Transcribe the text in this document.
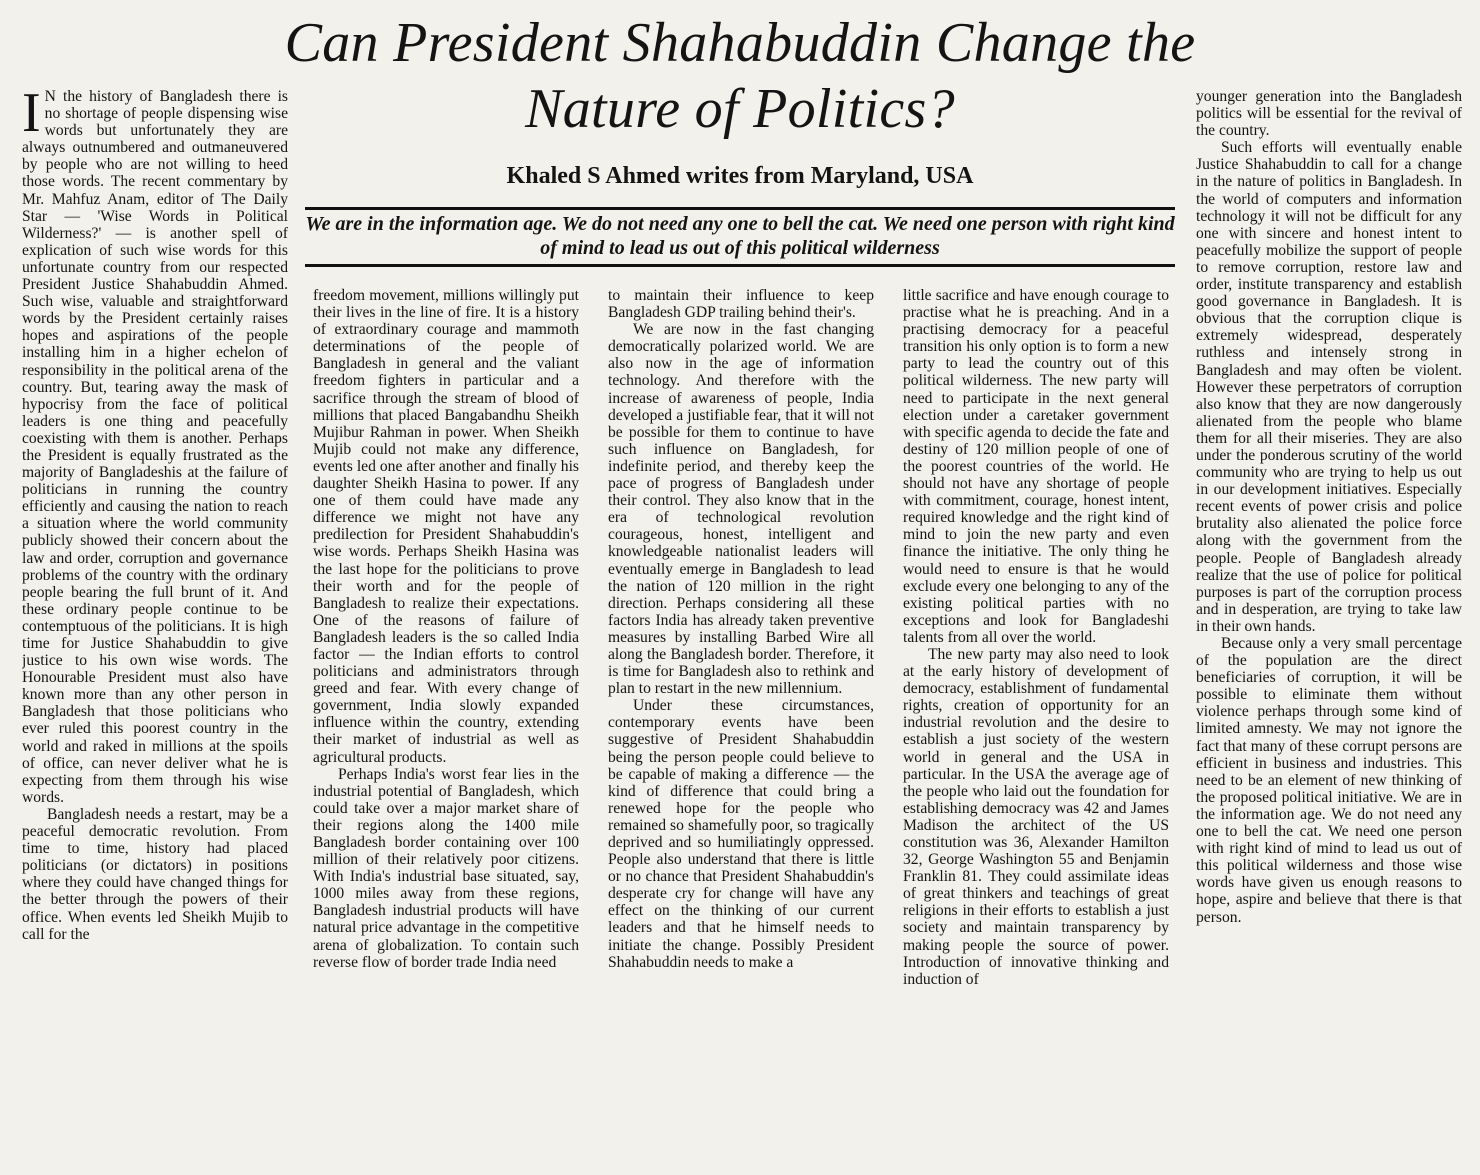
Can President Shahabuddin Change the Nature of Politics?
Khaled S Ahmed writes from Maryland, USA
We are in the information age. We do not need any one to bell the cat. We need one person with right kind of mind to lead us out of this political wilderness

I N the history of Bangladesh there is no shortage of people dispensing wise words but unfortunately they are always outnumbered and outmaneuvered by people who are not willing to heed those words. The recent commentary by Mr. Mahfuz Anam, editor of The Daily Star — 'Wise Words in Political Wilderness?' — is another spell of explication of such wise words for this unfortunate country from our respected President Justice Shahabuddin Ahmed. Such wise, valuable and straightforward words by the President certainly raises hopes and aspirations of the people installing him in a higher echelon of responsibility in the political arena of the country. But, tearing away the mask of hypocrisy from the face of political leaders is one thing and peacefully coexisting with them is another. Perhaps the President is equally frustrated as the majority of Bangladeshis at the failure of politicians in running the country efficiently and causing the nation to reach a situation where the world community publicly showed their concern about the law and order, corruption and governance problems of the country with the ordinary people bearing the full brunt of it. And these ordinary people continue to be contemptuous of the politicians. It is high time for Justice Shahabuddin to give justice to his own wise words. The Honourable President must also have known more than any other person in Bangladesh that those politicians who ever ruled this poorest country in the world and raked in millions at the spoils of office, can never deliver what he is expecting from them through his wise words.

Bangladesh needs a restart, may be a peaceful democratic revolution. From time to time, history had placed politicians (or dictators) in positions where they could have changed things for the better through the powers of their office. When events led Sheikh Mujib to call for the

freedom movement, millions willingly put their lives in the line of fire. It is a history of extraordinary courage and mammoth determinations of the people of Bangladesh in general and the valiant freedom fighters in particular and a sacrifice through the stream of blood of millions that placed Bangabandhu Sheikh Mujibur Rahman in power. When Sheikh Mujib could not make any difference, events led one after another and finally his daughter Sheikh Hasina to power. If any one of them could have made any difference we might not have any predilection for President Shahabuddin's wise words. Perhaps Sheikh Hasina was the last hope for the politicians to prove their worth and for the people of Bangladesh to realize their expectations. One of the reasons of failure of Bangladesh leaders is the so called India factor — the Indian efforts to control politicians and administrators through greed and fear. With every change of government, India slowly expanded influence within the country, extending their market of industrial as well as agricultural products.

Perhaps India's worst fear lies in the industrial potential of Bangladesh, which could take over a major market share of their regions along the 1400 mile Bangladesh border containing over 100 million of their relatively poor citizens. With India's industrial base situated, say, 1000 miles away from these regions, Bangladesh industrial products will have natural price advantage in the competitive arena of globalization. To contain such reverse flow of border trade India need

to maintain their influence to keep Bangladesh GDP trailing behind their's.

We are now in the fast changing democratically polarized world. We are also now in the age of information technology. And therefore with the increase of awareness of people, India developed a justifiable fear, that it will not be possible for them to continue to have such influence on Bangladesh, for indefinite period, and thereby keep the pace of progress of Bangladesh under their control. They also know that in the era of technological revolution courageous, honest, intelligent and knowledgeable nationalist leaders will eventually emerge in Bangladesh to lead the nation of 120 million in the right direction. Perhaps considering all these factors India has already taken preventive measures by installing Barbed Wire all along the Bangladesh border. Therefore, it is time for Bangladesh also to rethink and plan to restart in the new millennium.

Under these circumstances, contemporary events have been suggestive of President Shahabuddin being the person people could believe to be capable of making a difference — the kind of difference that could bring a renewed hope for the people who remained so shamefully poor, so tragically deprived and so humiliatingly oppressed. People also understand that there is little or no chance that President Shahabuddin's desperate cry for change will have any effect on the thinking of our current leaders and that he himself needs to initiate the change. Possibly President Shahabuddin needs to make a

little sacrifice and have enough courage to practise what he is preaching. And in a practising democracy for a peaceful transition his only option is to form a new party to lead the country out of this political wilderness. The new party will need to participate in the next general election under a caretaker government with specific agenda to decide the fate and destiny of 120 million people of one of the poorest countries of the world. He should not have any shortage of people with commitment, courage, honest intent, required knowledge and the right kind of mind to join the new party and even finance the initiative. The only thing he would need to ensure is that he would exclude every one belonging to any of the existing political parties with no exceptions and look for Bangladeshi talents from all over the world.

The new party may also need to look at the early history of development of democracy, establishment of fundamental rights, creation of opportunity for an industrial revolution and the desire to establish a just society of the western world in general and the USA in particular. In the USA the average age of the people who laid out the foundation for establishing democracy was 42 and James Madison the architect of the US constitution was 36, Alexander Hamilton 32, George Washington 55 and Benjamin Franklin 81. They could assimilate ideas of great thinkers and teachings of great religions in their efforts to establish a just society and maintain transparency by making people the source of power. Introduction of innovative thinking and induction of

younger generation into the Bangladesh politics will be essential for the revival of the country.

Such efforts will eventually enable Justice Shahabuddin to call for a change in the nature of politics in Bangladesh. In the world of computers and information technology it will not be difficult for any one with sincere and honest intent to peacefully mobilize the support of people to remove corruption, restore law and order, institute transparency and establish good governance in Bangladesh. It is obvious that the corruption clique is extremely widespread, desperately ruthless and intensely strong in Bangladesh and may often be violent. However these perpetrators of corruption also know that they are now dangerously alienated from the people who blame them for all their miseries. They are also under the ponderous scrutiny of the world community who are trying to help us out in our development initiatives. Especially recent events of power crisis and police brutality also alienated the police force along with the government from the people. People of Bangladesh already realize that the use of police for political purposes is part of the corruption process and in desperation, are trying to take law in their own hands.

Because only a very small percentage of the population are the direct beneficiaries of corruption, it will be possible to eliminate them without violence perhaps through some kind of limited amnesty. We may not ignore the fact that many of these corrupt persons are efficient in business and industries. This need to be an element of new thinking of the proposed political initiative. We are in the information age. We do not need any one to bell the cat. We need one person with right kind of mind to lead us out of this political wilderness and those wise words have given us enough reasons to hope, aspire and believe that there is that person.
